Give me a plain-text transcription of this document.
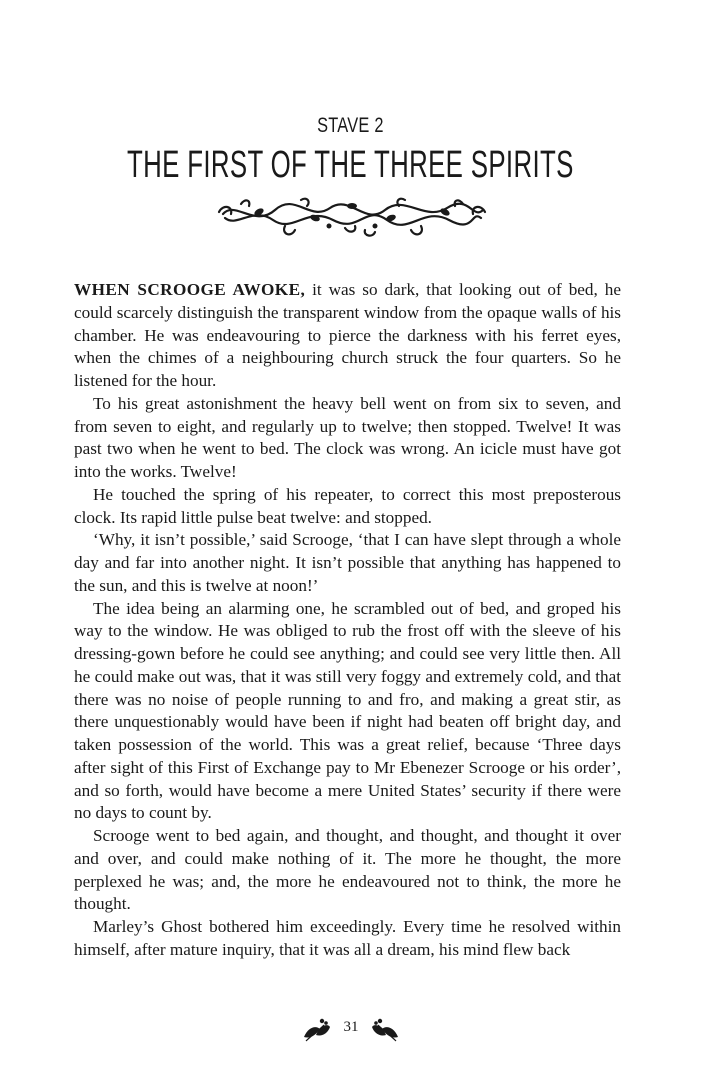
STAVE 2
THE FIRST OF THE THREE SPIRITS

WHEN SCROOGE AWOKE, it was so dark, that looking out of bed, he could scarcely distinguish the transparent window from the opaque walls of his chamber. He was endeavouring to pierce the darkness with his ferret eyes, when the chimes of a neighbouring church struck the four quarters. So he listened for the hour.

To his great astonishment the heavy bell went on from six to seven, and from seven to eight, and regularly up to twelve; then stopped. Twelve! It was past two when he went to bed. The clock was wrong. An icicle must have got into the works. Twelve!

He touched the spring of his repeater, to correct this most preposterous clock. Its rapid little pulse beat twelve: and stopped.

‘Why, it isn’t possible,’ said Scrooge, ‘that I can have slept through a whole day and far into another night. It isn’t possible that anything has happened to the sun, and this is twelve at noon!’

The idea being an alarming one, he scrambled out of bed, and groped his way to the window. He was obliged to rub the frost off with the sleeve of his dressing-gown before he could see anything; and could see very little then. All he could make out was, that it was still very foggy and extremely cold, and that there was no noise of people running to and fro, and making a great stir, as there unquestionably would have been if night had beaten off bright day, and taken possession of the world. This was a great relief, because ‘Three days after sight of this First of Exchange pay to Mr Ebenezer Scrooge or his order’, and so forth, would have become a mere United States’ security if there were no days to count by.

Scrooge went to bed again, and thought, and thought, and thought it over and over, and could make nothing of it. The more he thought, the more perplexed he was; and, the more he endeavoured not to think, the more he thought.

Marley’s Ghost bothered him exceedingly. Every time he resolved within himself, after mature inquiry, that it was all a dream, his mind flew back

31
